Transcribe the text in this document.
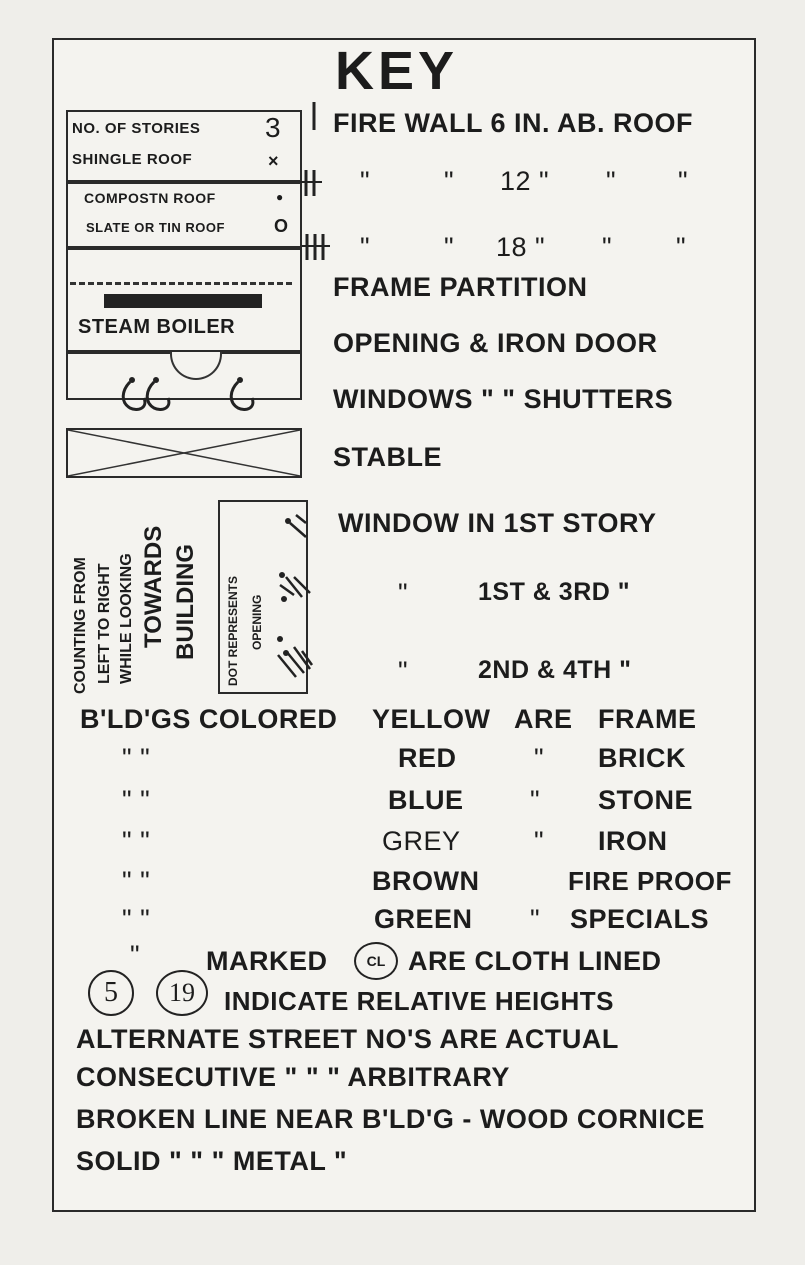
KEY
NO. OF STORIES 3
SHINGLE ROOF	×
COMPOSTN ROOF	●
SLATE OR TIN ROOF	O
STEAM BOILER
FIRE WALL 6 IN. AB. ROOF
"	" 12 " " "
"	" 18 " " "
FRAME PARTITION
OPENING & IRON DOOR
WINDOWS " " SHUTTERS
STABLE
WINDOW IN 1ST STORY
"	1ST & 3RD "
"	2ND & 4TH "
COUNTING FROM LEFT TO RIGHT WHILE LOOKING TOWARDS BUILDING DOT REPRESENTS OPENING
B'LD'GS COLORED YELLOW ARE FRAME
" "	RED	" BRICK
" "	BLUE " STONE
" "	GREY	" IRON
" "	BROWN	FIRE PROOF
" "	GREEN " SPECIALS
" MARKED	CL ARE CLOTH LINED
5	19	INDICATE RELATIVE HEIGHTS
ALTERNATE STREET NO'S ARE ACTUAL
CONSECUTIVE " " " ARBITRARY
BROKEN LINE NEAR B'LD'G - WOOD CORNICE
SOLID " " " METAL "
